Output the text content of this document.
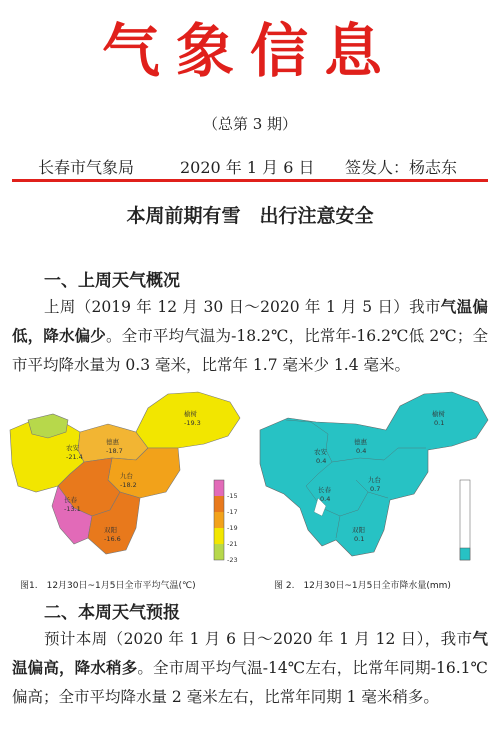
气象信息
（总第 3 期）
长春市气象局	2020 年 1 月 6 日 签发人：杨志东
本周前期有雪　出行注意安全
一、上周天气概况
上周（2019 年 12 月 30 日～2020 年 1 月 5 日）我市气温偏低，降水偏少。全市平均气温为-18.2℃，比常年-16.2℃低 2℃；全市平均降水量为 0.3 毫米，比常年 1.7 毫米少 1.4 毫米。
榆树
-19.3
农安
-21.4
德惠
-18.7
九台
-18.2
长春
-13.1
双阳
-16.6
-15
-17
-19
-21
-23
图1.　12月30日~1月5日全市平均气温(℃)
榆树
0.1
农安
0.4
德惠
0.4
九台
0.7
长春
0.4
双阳
0.1
图 2.　12月30日~1月5日全市降水量(mm)
二、本周天气预报
预计本周（2020 年 1 月 6 日～2020 年 1 月 12 日），我市气温偏高，降水稍多。全市周平均气温-14℃左右，比常年同期-16.1℃偏高；全市平均降水量 2 毫米左右，比常年同期 1 毫米稍多。
